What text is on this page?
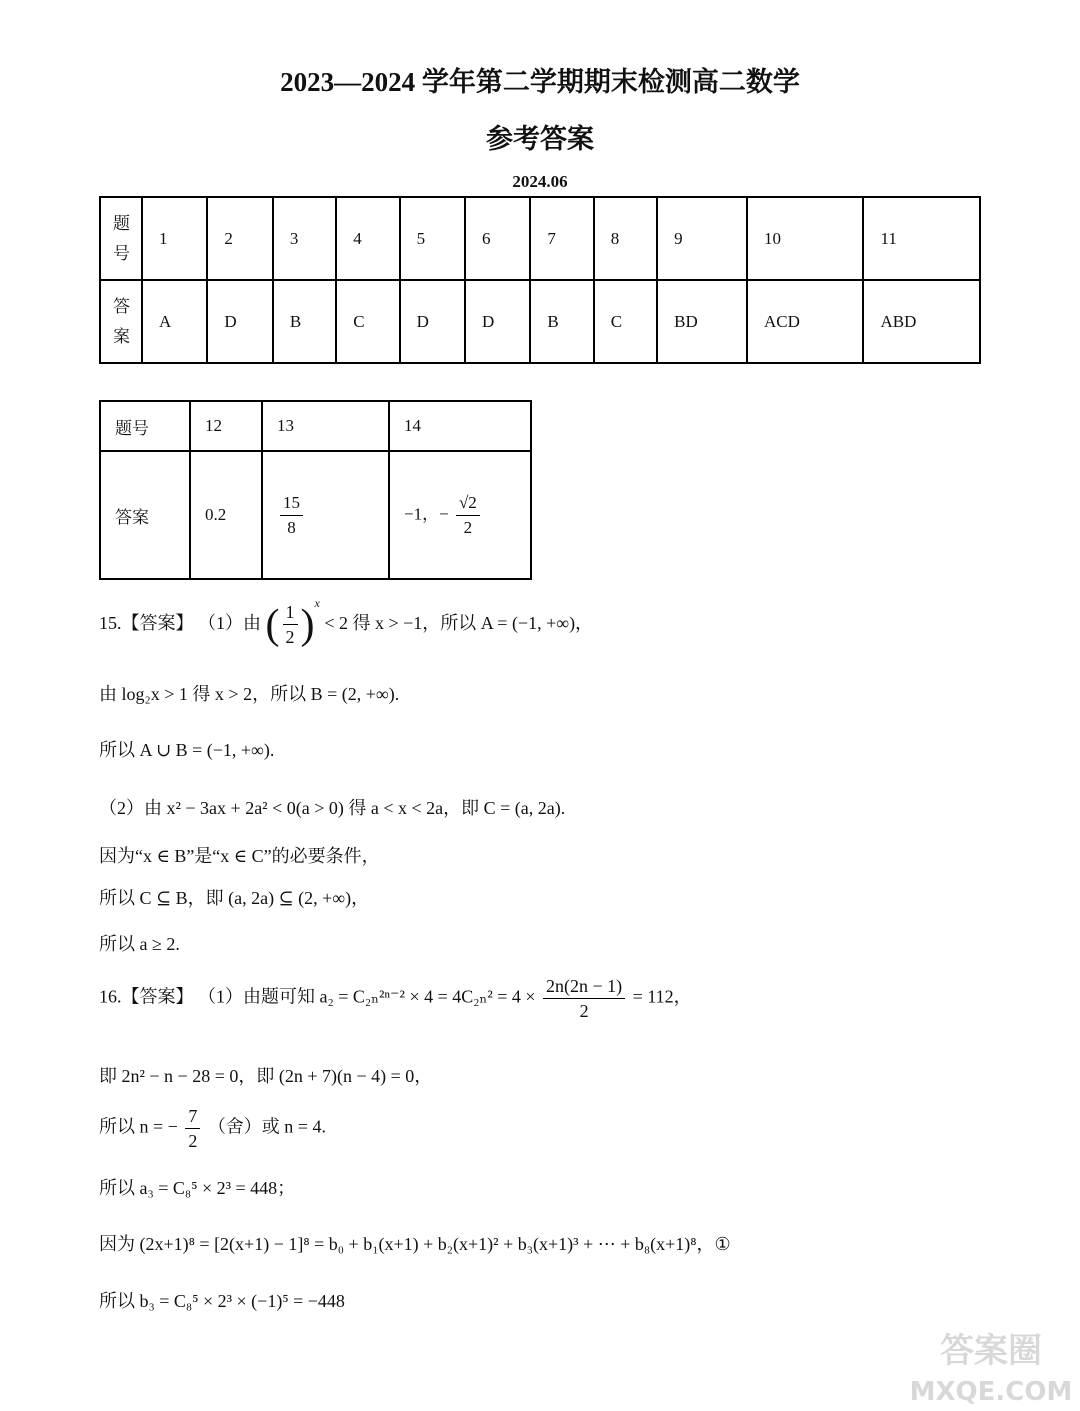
2023—2024 学年第二学期期末检测高二数学
参考答案
2024.06
题号	1	2	3	4	5	6	7	8	9	10	11
答案	A	D	B	C	D	D	B	C	BD	ACD	ABD
题号	12	13	14
答案	0.2	$\frac{15}{8}$	−1，− $\frac{√2}{2}$
15.【答案】 （1）由 ( $\frac{1}{2} )^x < 2$ 得 x > −1，所以 A = (−1, +∞)，
由 log₂x > 1 得 x > 2，所以 B = (2, +∞).
所以 A ∪ B = (−1, +∞).
（2）由 x² − 3ax + 2a² < 0(a > 0) 得 a < x < 2a，即 C = (a, 2a).
因为“x ∈ B”是“x ∈ C”的必要条件，
所以 C ⊆ B，即 (a, 2a) ⊆ (2, +∞)，
所以 a ≥ 2.
16.【答案】 （1）由题可知 $a_2 = C_{2n}^{2n-2} \times 4 = 4C_{2n}^2 = 4 \times \frac{2n(2n - 1)}{2} = 112$，
即 2n² − n − 28 = 0，即 (2n + 7)(n − 4) = 0，
所以 n = − $\frac{7}{2}$ （舍）或 n = 4.
所以 a₃ = C₈⁵ × 2³ = 448；
因为 (2x+1)⁸ = [2(x+1) − 1]⁸ = b₀ + b₁(x+1) + b₂(x+1)² + b₃(x+1)³ + ⋯ + b₈(x+1)⁸，①
所以 b₃ = C₈⁵ × 2³ × (−1)⁵ = −448
答案圈
MXQE.COM
